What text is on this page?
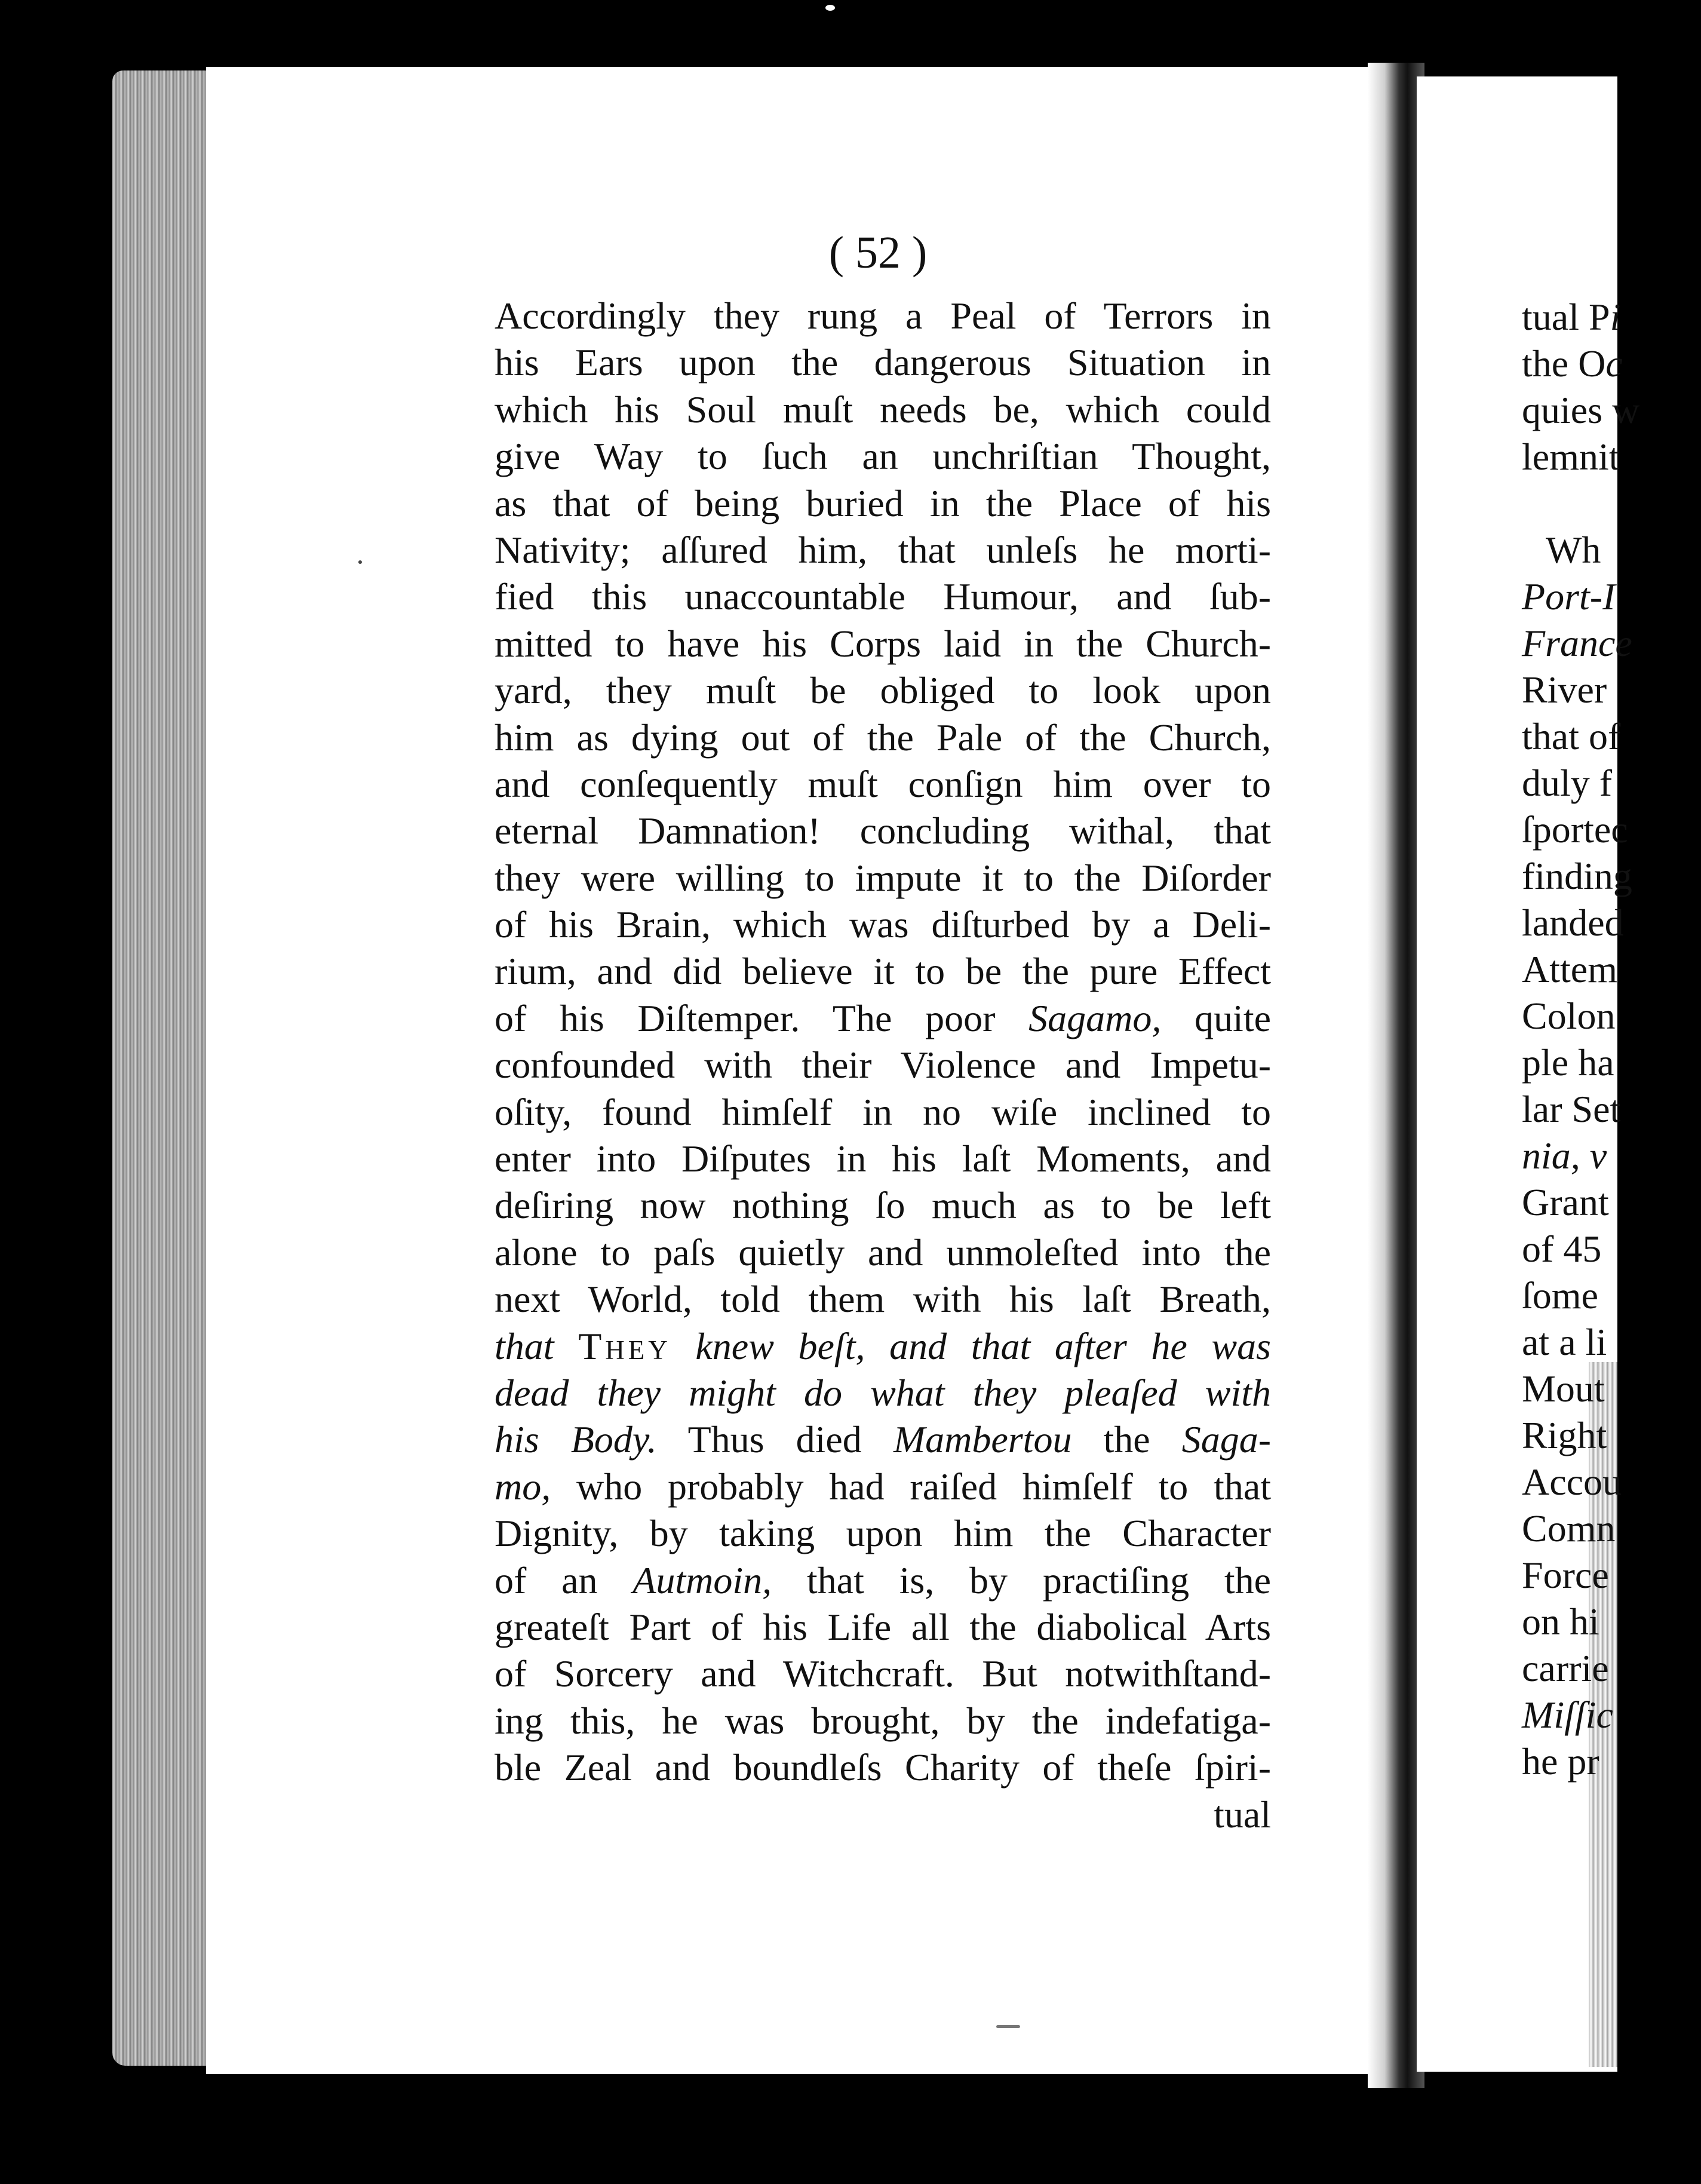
( 52 )
Accordingly they rung a Peal of Terrors in
his Ears upon the dangerous Situation in
which his Soul muſt needs be, which could
give Way to ſuch an unchriſtian Thought,
as that of being buried in the Place of his
Nativity; aſſured him, that unleſs he morti-
fied this unaccountable Humour, and ſub-
mitted to have his Corps laid in the Church-
yard, they muſt be obliged to look upon
him as dying out of the Pale of the Church,
and conſequently muſt conſign him over to
eternal Damnation! concluding withal, that
they were willing to impute it to the Diſorder
of his Brain, which was diſturbed by a Deli-
rium, and did believe it to be the pure Effect
of his Diſtemper. The poor Sagamo, quite
confounded with their Violence and Impetu-
oſity, found himſelf in no wiſe inclined to
enter into Diſputes in his laſt Moments, and
deſiring now nothing ſo much as to be left
alone to paſs quietly and unmoleſted into the
next World, told them with his laſt Breath,
that They knew beſt, and that after he was
dead they might do what they pleaſed with
his Body. Thus died Mambertou the Saga-
mo, who probably had raiſed himſelf to that
Dignity, by taking upon him the Character
of an Autmoin, that is, by practiſing the
greateſt Part of his Life all the diabolical Arts
of Sorcery and Witchcraft. But notwithſtand-
ing this, he was brought, by the indefatiga-
ble Zeal and boundleſs Charity of theſe ſpiri-
tual
tual Pi
the Oc
quies w
lemnit
Wh
Port-I
France
River
that of
duly f
ſportec
finding
landed
Attem
Colon
ple ha
lar Set
nia, v
Grant
of 45
ſome
at a li
Mout
Right
Accou
Comn
Force
on hi
carrie
Miſſic
he pr
